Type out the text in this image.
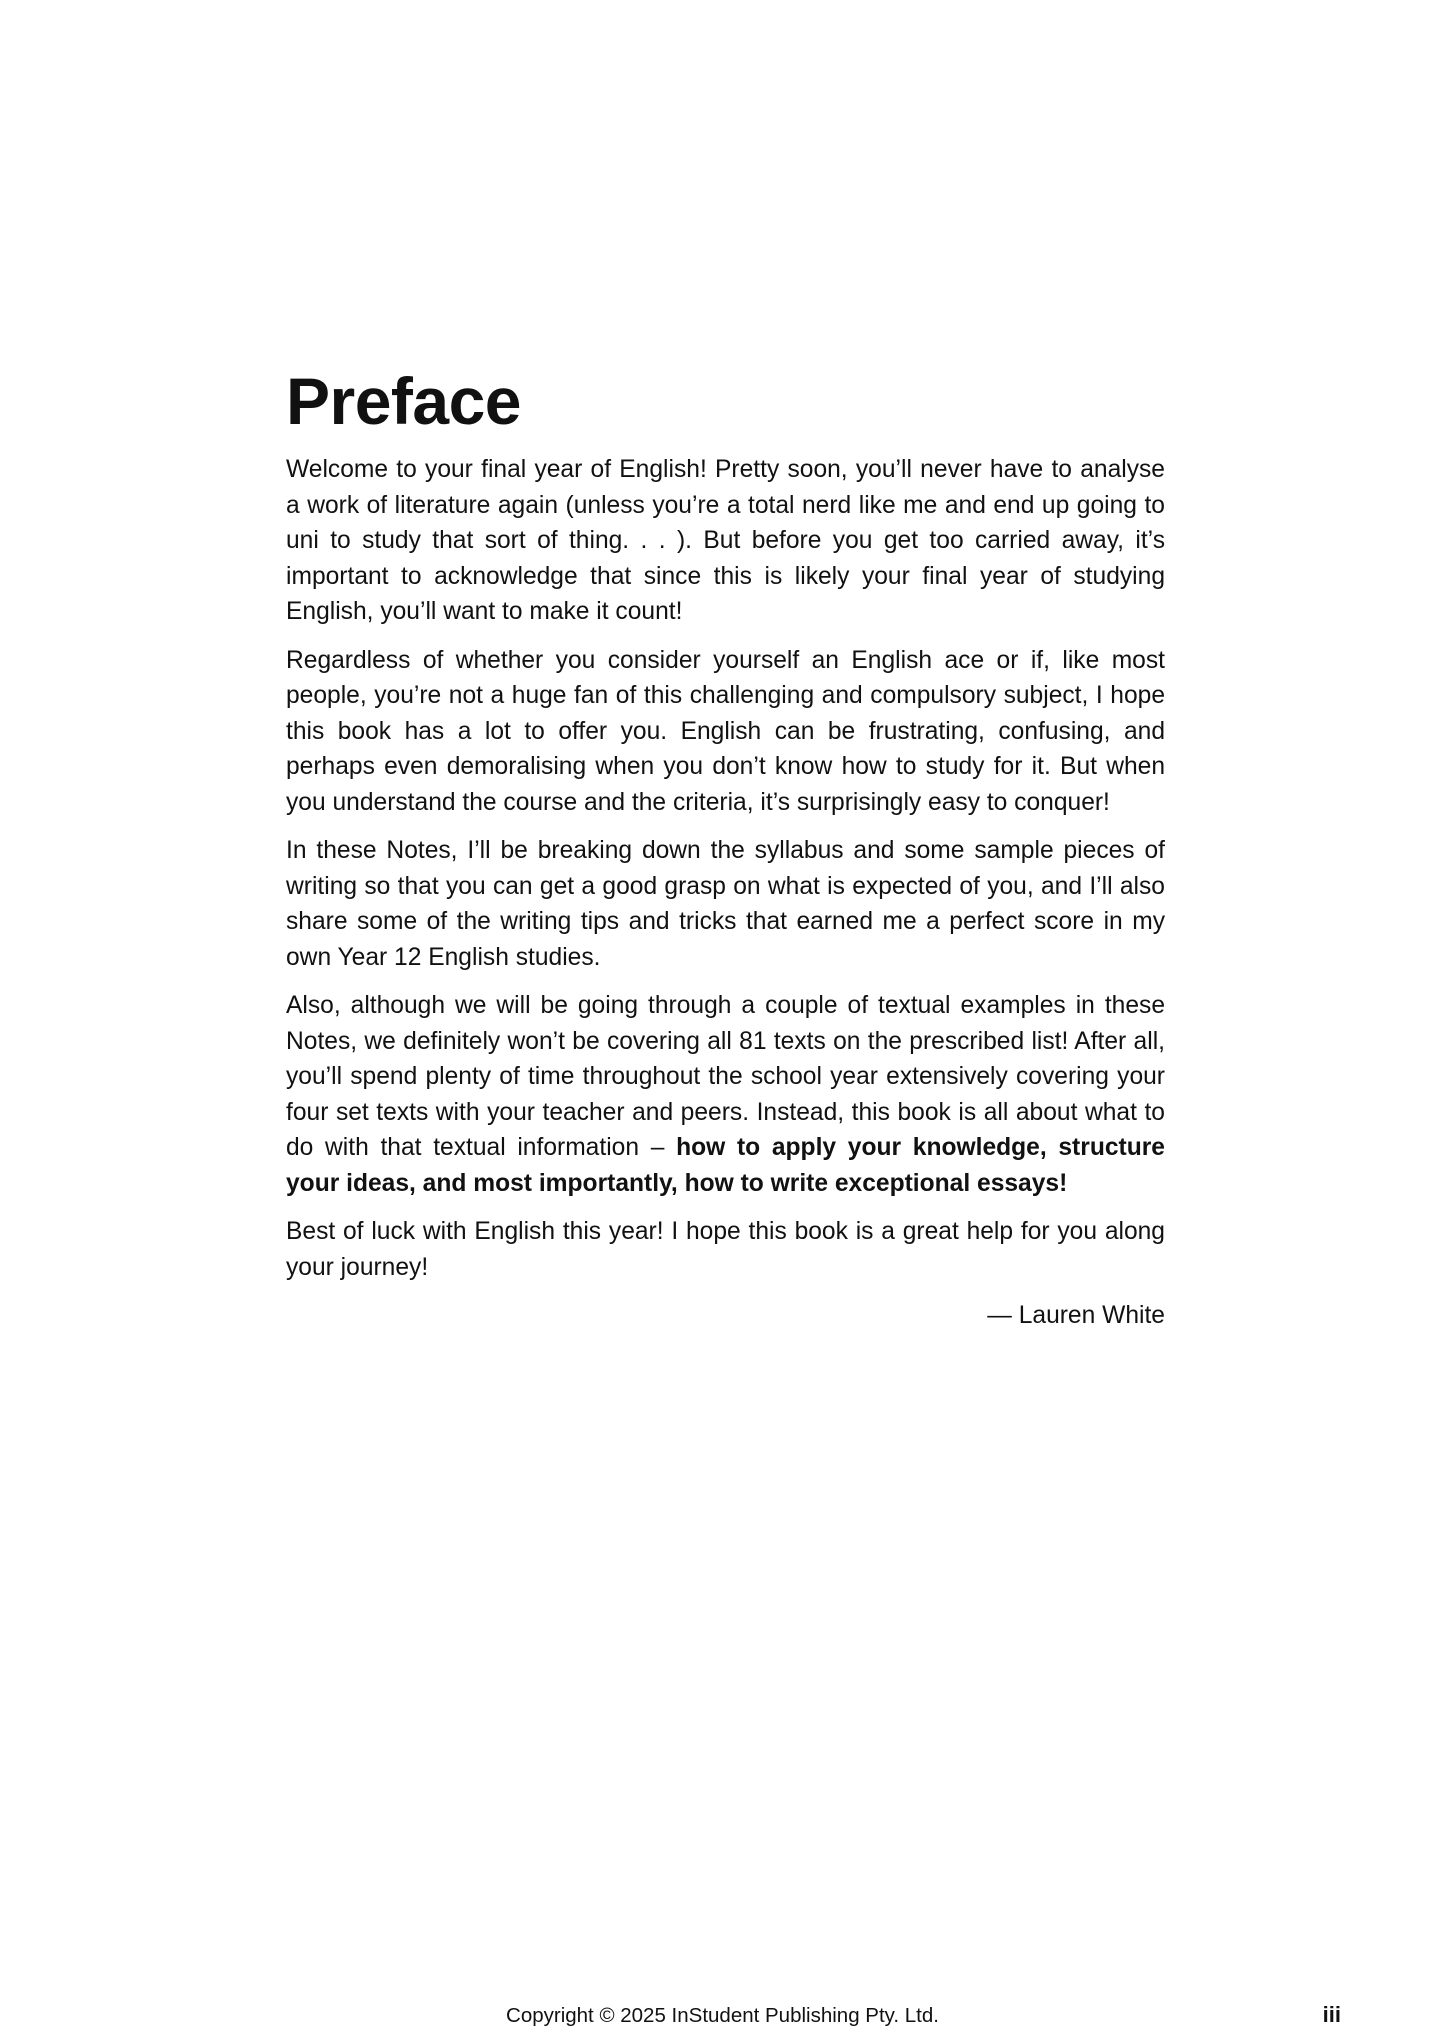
Preface

Welcome to your final year of English! Pretty soon, you’ll never have to analyse a work of literature again (unless you’re a total nerd like me and end up going to uni to study that sort of thing. . . ). But before you get too carried away, it’s important to acknowledge that since this is likely your final year of studying English, you’ll want to make it count!

Regardless of whether you consider yourself an English ace or if, like most people, you’re not a huge fan of this challenging and compulsory subject, I hope this book has a lot to offer you. English can be frustrating, confusing, and perhaps even demoralising when you don’t know how to study for it. But when you understand the course and the criteria, it’s surprisingly easy to conquer!

In these Notes, I’ll be breaking down the syllabus and some sample pieces of writing so that you can get a good grasp on what is expected of you, and I’ll also share some of the writing tips and tricks that earned me a perfect score in my own Year 12 English studies.

Also, although we will be going through a couple of textual examples in these Notes, we definitely won’t be covering all 81 texts on the prescribed list! After all, you’ll spend plenty of time throughout the school year extensively covering your four set texts with your teacher and peers. Instead, this book is all about what to do with that textual information – how to apply your knowledge, structure your ideas, and most importantly, how to write exceptional essays!

Best of luck with English this year! I hope this book is a great help for you along your journey!

— Lauren White

Copyright © 2025 InStudent Publishing Pty. Ltd.	iii
